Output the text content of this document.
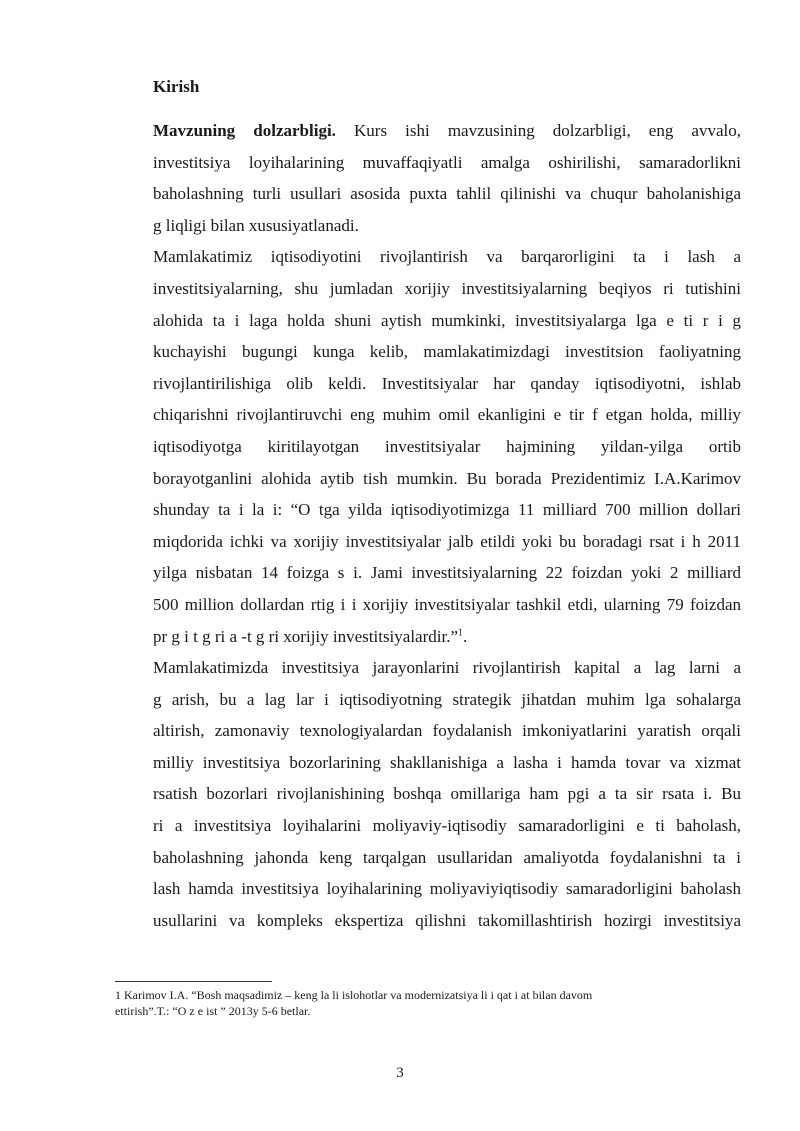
Kirish

Mavzuning dolzarbligi. Kurs ishi mavzusining dolzarbligi, eng avvalo,
investitsiya loyihalarining muvaffaqiyatli amalga oshirilishi, samaradorlikni
baholashning turli usullari asosida puxta tahlil qilinishi va chuqur baholanishiga
g liqligi bilan xususiyatlanadi.

Mamlakatimiz iqtisodiyotini rivojlantirish va barqarorligini ta i lash a
investitsiyalarning, shu jumladan xorijiy investitsiyalarning beqiyos ri tutishini
alohida ta i laga holda shuni aytish mumkinki, investitsiyalarga lga e ti r i g
kuchayishi bugungi kunga kelib, mamlakatimizdagi investitsion faoliyatning
rivojlantirilishiga olib keldi. Investitsiyalar har qanday iqtisodiyotni, ishlab
chiqarishni rivojlantiruvchi eng muhim omil ekanligini e tir f etgan holda, milliy
iqtisodiyotga kiritilayotgan investitsiyalar hajmining yildan-yilga ortib
borayotganlini alohida aytib tish mumkin. Bu borada Prezidentimiz I.A.Karimov
shunday ta i la i: “O tga yilda iqtisodiyotimizga 11 milliard 700 million dollari
miqdorida ichki va xorijiy investitsiyalar jalb etildi yoki bu boradagi rsat i h 2011
yilga nisbatan 14 foizga s i. Jami investitsiyalarning 22 foizdan yoki 2 milliard
500 million dollardan rtig i i xorijiy investitsiyalar tashkil etdi, ularning 79 foizdan
pr g i t g ri a -t g ri xorijiy investitsiyalardir.”$^1$.

Mamlakatimizda investitsiya jarayonlarini rivojlantirish kapital a lag larni a
g arish, bu a lag lar i iqtisodiyotning strategik jihatdan muhim lga sohalarga
altirish, zamonaviy texnologiyalardan foydalanish imkoniyatlarini yaratish orqali
milliy investitsiya bozorlarining shakllanishiga a lasha i hamda tovar va xizmat
rsatish bozorlari rivojlanishining boshqa omillariga ham pgi a ta sir rsata i. Bu
ri a investitsiya loyihalarini moliyaviy-iqtisodiy samaradorligini e ti baholash,
baholashning jahonda keng tarqalgan usullaridan amaliyotda foydalanishni ta i
lash hamda investitsiya loyihalarining moliyaviyiqtisodiy samaradorligini baholash
usullarini va kompleks ekspertiza qilishni takomillashtirish hozirgi investitsiya

1 Karimov I.A. “Bosh maqsadimiz – keng la li islohotlar va modernizatsiya li i qat i at bilan davom
ettirish”.T.: “O z e ist ” 2013y 5-6 betlar.
3
